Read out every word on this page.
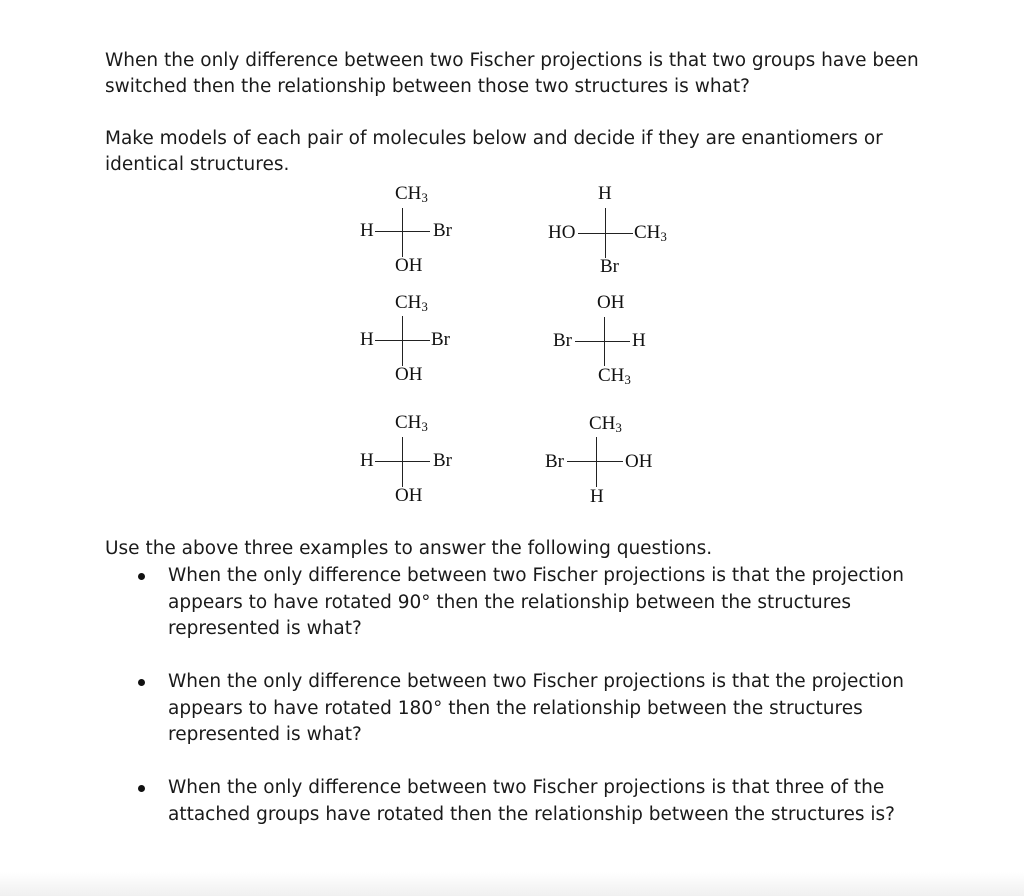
When the only difference between two Fischer projections is that two groups have been switched then the relationship between those two structures is what?

Make models of each pair of molecules below and decide if they are enantiomers or identical structures.

$CH_3$
H	Br
OH
H
HO	$CH_3$
Br
$CH_3$
H	Br
OH
OH
Br	H
$CH_3$
$CH_3$
H	Br
OH
$CH_3$
Br	OH
H

Use the above three examples to answer the following questions.

When the only difference between two Fischer projections is that the projection appears to have rotated 90° then the relationship between the structures represented is what?
When the only difference between two Fischer projections is that the projection appears to have rotated 180° then the relationship between the structures represented is what?
When the only difference between two Fischer projections is that three of the attached groups have rotated then the relationship between the structures is?
